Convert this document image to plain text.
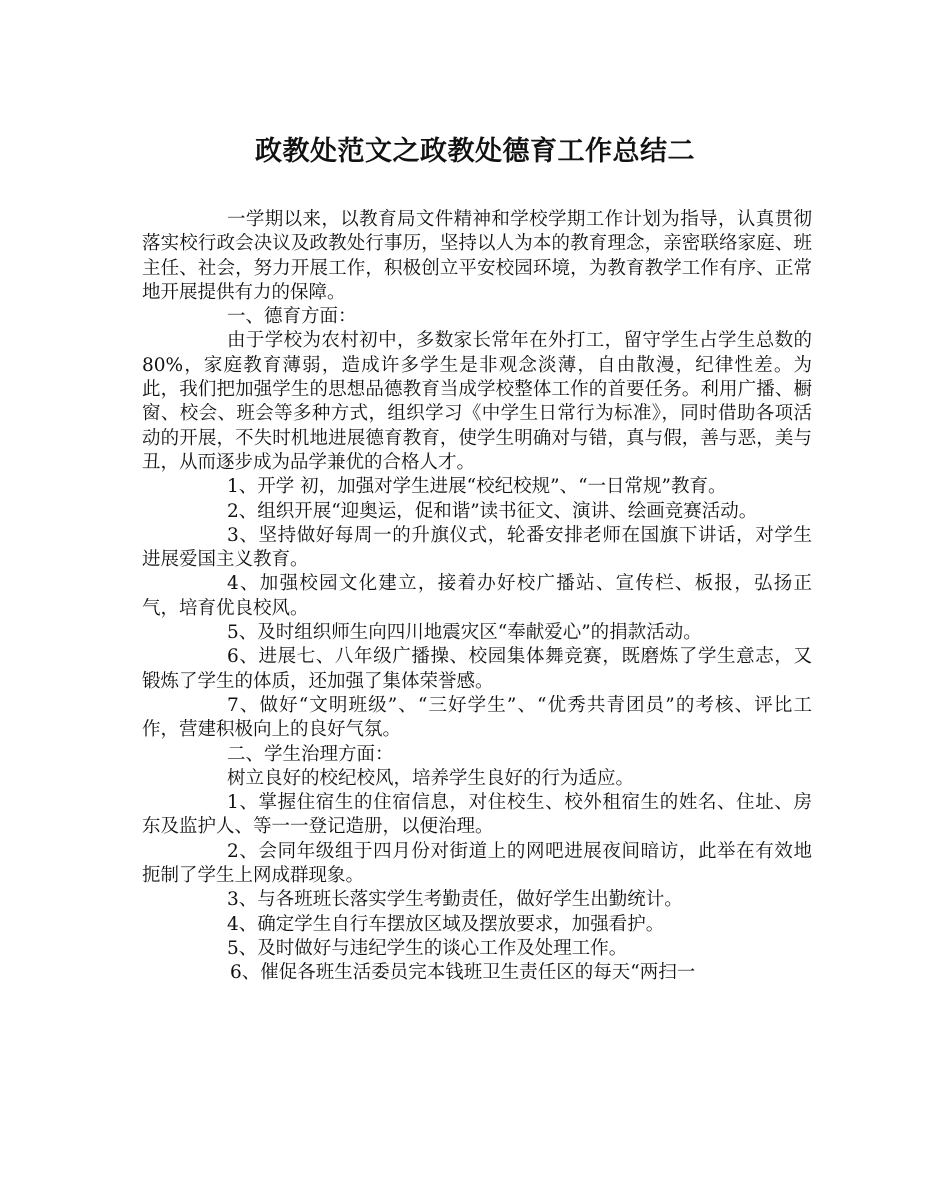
政教处范文之政教处德育工作总结二

一学期以来，以教育局文件精神和学校学期工作计划为指导，认真贯彻落实校行政会决议及政教处行事历，坚持以人为本的教育理念，亲密联络家庭、班主任、社会，努力开展工作，积极创立平安校园环境，为教育教学工作有序、正常地开展提供有力的保障。

一、德育方面：

由于学校为农村初中，多数家长常年在外打工，留守学生占学生总数的80%，家庭教育薄弱，造成许多学生是非观念淡薄，自由散漫，纪律性差。为此，我们把加强学生的思想品德教育当成学校整体工作的首要任务。利用广播、橱窗、校会、班会等多种方式，组织学习《中学生日常行为标准》，同时借助各项活动的开展，不失时机地进展德育教育，使学生明确对与错，真与假，善与恶，美与丑，从而逐步成为品学兼优的合格人才。

1、开学 初，加强对学生进展“校纪校规”、“一日常规”教育。

2、组织开展“迎奥运，促和谐”读书征文、演讲、绘画竞赛活动。

3、坚持做好每周一的升旗仪式，轮番安排老师在国旗下讲话，对学生进展爱国主义教育。

4、加强校园文化建立，接着办好校广播站、宣传栏、板报，弘扬正气，培育优良校风。

5、及时组织师生向四川地震灾区“奉献爱心”的捐款活动。

6、进展七、八年级广播操、校园集体舞竞赛，既磨炼了学生意志，又锻炼了学生的体质，还加强了集体荣誉感。

7、做好“文明班级”、“三好学生”、“优秀共青团员”的考核、评比工作，营建积极向上的良好气氛。

二、学生治理方面：

树立良好的校纪校风，培养学生良好的行为适应。

1、掌握住宿生的住宿信息，对住校生、校外租宿生的姓名、住址、房东及监护人、等一一登记造册，以便治理。

2、会同年级组于四月份对街道上的网吧进展夜间暗访，此举在有效地扼制了学生上网成群现象。

3、与各班班长落实学生考勤责任，做好学生出勤统计。

4、确定学生自行车摆放区域及摆放要求，加强看护。

5、及时做好与违纪学生的谈心工作及处理工作。

6、催促各班生活委员完本钱班卫生责任区的每天“两扫一
